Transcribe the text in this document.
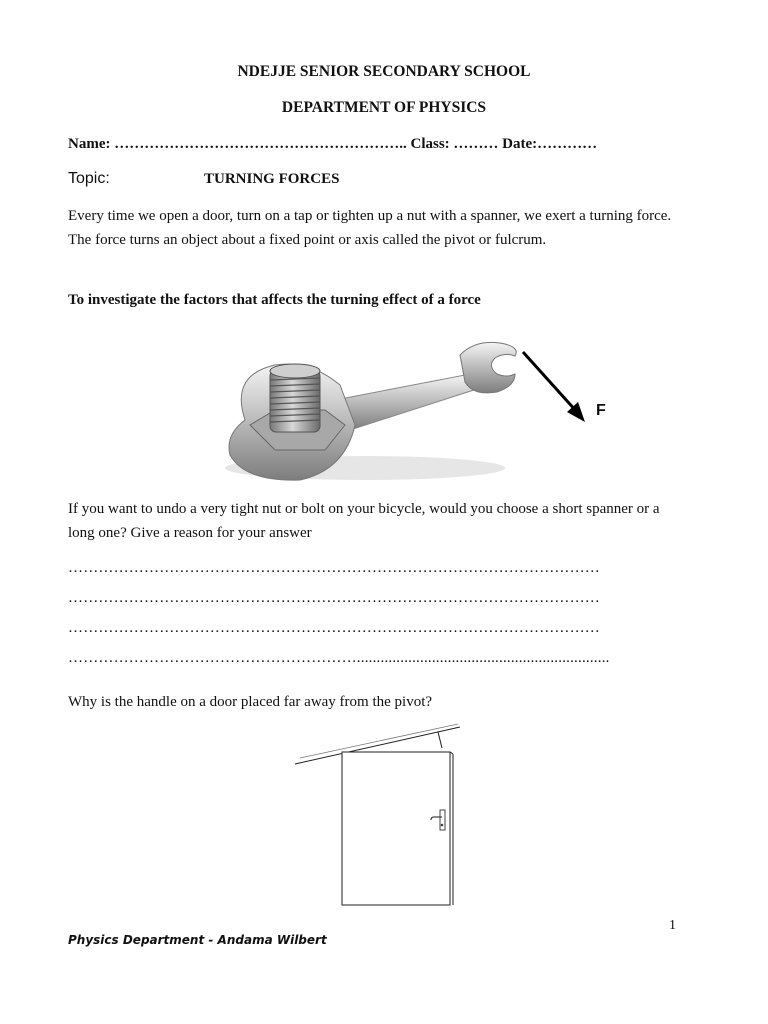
NDEJJE SENIOR SECONDARY SCHOOL
DEPARTMENT OF PHYSICS
Name: ………………………………………………….. Class: ……… Date:…………
Topic:	TURNING FORCES
Every time we open a door, turn on a tap or tighten up a nut with a spanner, we exert a turning force. The force turns an object about a fixed point or axis called the pivot or fulcrum.
To investigate the factors that affects the turning effect of a force
F
If you want to undo a very tight nut or bolt on your bicycle, would you choose a short spanner or a long one? Give a reason for your answer
……………………………………………………………………………………………
……………………………………………………………………………………………
……………………………………………………………………………………………
…………………………………………………................................................................
Why is the handle on a door placed far away from the pivot?
1
Physics Department - Andama Wilbert
